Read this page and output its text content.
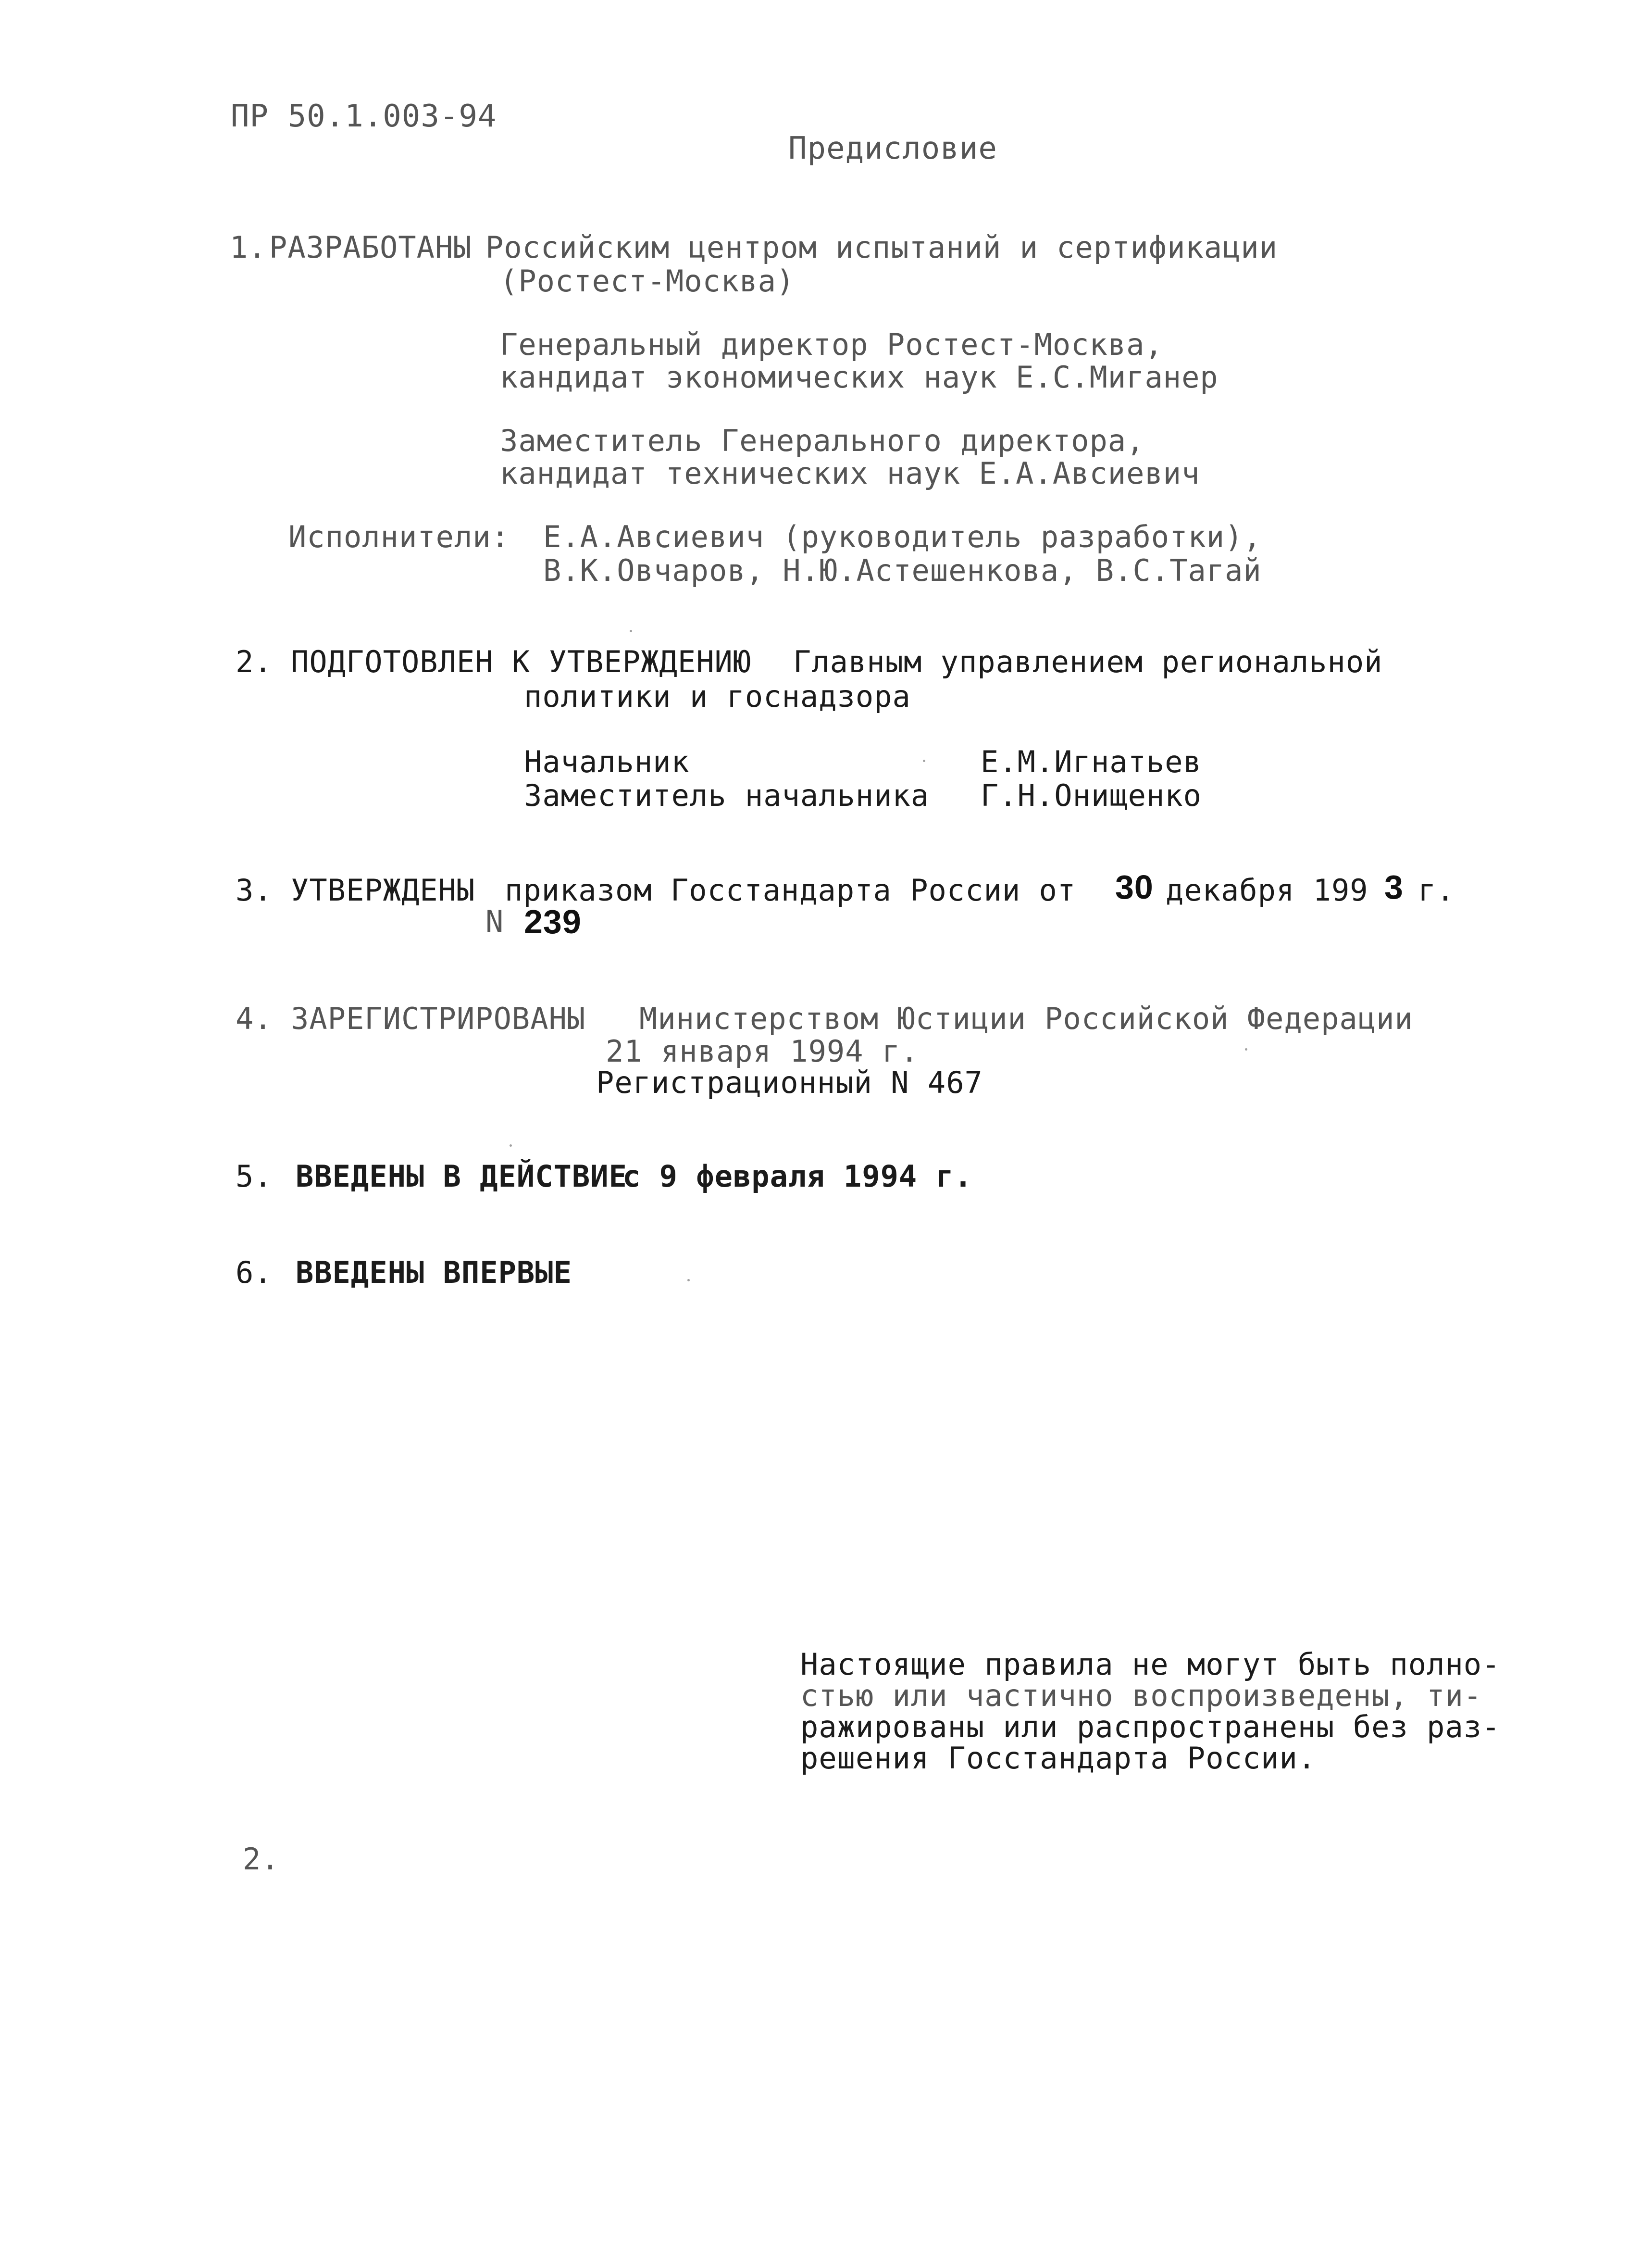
ПР 50.1.003-94
Предисловие
1. РАЗРАБОТАНЫ Российским центром испытаний и сертификации
(Ростест-Москва)
Генеральный директор Ростест-Москва,
кандидат экономических наук Е.С.Миганер
Заместитель Генерального директора,
кандидат технических наук Е.А.Авсиевич
Исполнители: Е.А.Авсиевич (руководитель разработки),
В.К.Овчаров, Н.Ю.Астешенкова, В.С.Тагай
2. ПОДГОТОВЛЕН К УТВЕРЖДЕНИЮ Главным управлением региональной
политики и госнадзора
Начальник	Е.М.Игнатьев
Заместитель начальника Г.Н.Онищенко
3. УТВЕРЖДЕНЫ приказом Госстандарта России от 30 декабря 199 3 г.
N 239
4. ЗАРЕГИСТРИРОВАНЫ Министерством Юстиции Российской Федерации
21 января 1994 г.
Регистрационный N 467
5. ВВЕДЕНЫ В ДЕЙСТВИЕ
с 9 февраля 1994 г.
6. ВВЕДЕНЫ ВПЕРВЫЕ
Настоящие правила не могут быть полно-
стью или частично воспроизведены, ти-
ражированы или распространены без раз-
решения Госстандарта России.
2.
